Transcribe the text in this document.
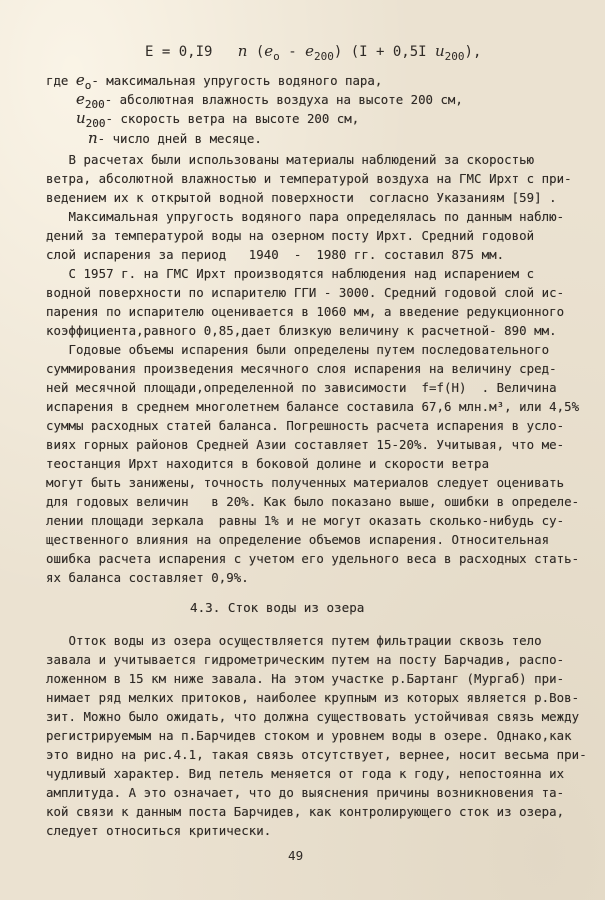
E = 0,I9 n $(e_o - e_{200}) (I + 0,5I$ $u_{200}$),
где $e_o-$ максимальная упругость водяного пара,
$e_{200}-$ абсолютная влажность воздуха на высоте 200 см,
$u_{200}-$ скорость ветра на высоте 200 см,
n- число дней в месяце.
В расчетах были использованы материалы наблюдений за скоростью
ветра, абсолютной влажностью и температурой воздуха на ГМС Ирхт с при-
ведением их к открытой водной поверхности  согласно Указаниям [59] .
Максимальная упругость водяного пара определялась по данным наблю-
дений за температурой воды на озерном посту Ирхт. Средний годовой
слой испарения за период   1940  -  1980 гг. составил 875 мм.
С 1957 г. на ГМС Ирхт производятся наблюдения над испарением с
водной поверхности по испарителю ГГИ - 3000. Средний годовой слой ис-
парения по испарителю оценивается в 1060 мм, а введение редукционного
коэффициента,равного 0,85,дает близкую величину к расчетной- 890 мм.
Годовые объемы испарения были определены путем последовательного
суммирования произведения месячного слоя испарения на величину сред-
ней месячной площади,определенной по зависимости  f=f(H)  . Величина
испарения в среднем многолетнем балансе составила 67,6 млн.м³, или 4,5%
суммы расходных статей баланса. Погрешность расчета испарения в усло-
виях горных районов Средней Азии составляет 15-20%. Учитывая, что ме-
теостанция Ирхт находится в боковой долине и скорости ветра
могут быть занижены, точность полученных материалов следует оценивать
для годовых величин   в 20%. Как было показано выше, ошибки в определе-
лении площади зеркала  равны 1% и не могут оказать сколько-нибудь су-
щественного влияния на определение объемов испарения. Относительная
ошибка расчета испарения с учетом его удельного веса в расходных стать-
ях баланса составляет 0,9%.
4.3. Сток воды из озера
Отток воды из озера осуществляется путем фильтрации сквозь тело
завала и учитывается гидрометрическим путем на посту Барчадив, распо-
ложенном в 15 км ниже завала. На этом участке р.Бартанг (Мургаб) при-
нимает ряд мелких притоков, наиболее крупным из которых является р.Вов-
зит. Можно было ожидать, что должна существовать устойчивая связь между
регистрируемым на п.Барчидев стоком и уровнем воды в озере. Однако,как
это видно на рис.4.1, такая связь отсутствует, вернее, носит весьма при-
чудливый характер. Вид петель меняется от года к году, непостоянна их
амплитуда. А это означает, что до выяснения причины возникновения та-
кой связи к данным поста Барчидев, как контролирующего сток из озера,
следует относиться критически.
49
